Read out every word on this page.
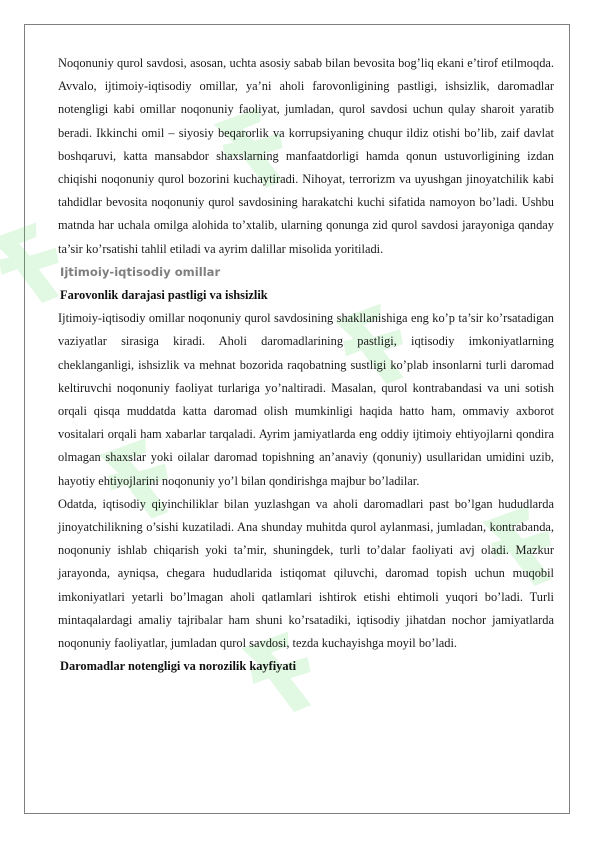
Noqonuniy qurol savdosi, asosan, uchta asosiy sabab bilan bevosita bog’liq ekani e’tirof etilmoqda. Avvalo, ijtimoiy-iqtisodiy omillar, ya’ni aholi farovonligining pastligi, ishsizlik, daromadlar notengligi kabi omillar noqonuniy faoliyat, jumladan, qurol savdosi uchun qulay sharoit yaratib beradi. Ikkinchi omil – siyosiy beqarorlik va korrupsiyaning chuqur ildiz otishi bo’lib, zaif davlat boshqaruvi, katta mansabdor shaxslarning manfaatdorligi hamda qonun ustuvorligining izdan chiqishi noqonuniy qurol bozorini kuchaytiradi. Nihoyat, terrorizm va uyushgan jinoyatchilik kabi tahdidlar bevosita noqonuniy qurol savdosining harakatchi kuchi sifatida namoyon bo’ladi. Ushbu matnda har uchala omilga alohida to’xtalib, ularning qonunga zid qurol savdosi jarayoniga qanday ta’sir ko’rsatishi tahlil etiladi va ayrim dalillar misolida yoritiladi.

Ijtimoiy-iqtisodiy omillar
Farovonlik darajasi pastligi va ishsizlik

Ijtimoiy-iqtisodiy omillar noqonuniy qurol savdosining shakllanishiga eng ko’p ta’sir ko’rsatadigan vaziyatlar sirasiga kiradi. Aholi daromadlarining pastligi, iqtisodiy imkoniyatlarning cheklanganligi, ishsizlik va mehnat bozorida raqobatning sustligi ko’plab insonlarni turli daromad keltiruvchi noqonuniy faoliyat turlariga yo’naltiradi. Masalan, qurol kontrabandasi va uni sotish orqali qisqa muddatda katta daromad olish mumkinligi haqida hatto ham, ommaviy axborot vositalari orqali ham xabarlar tarqaladi. Ayrim jamiyatlarda eng oddiy ijtimoiy ehtiyojlarni qondira olmagan shaxslar yoki oilalar daromad topishning an’anaviy (qonuniy) usullaridan umidini uzib, hayotiy ehtiyojlarini noqonuniy yo’l bilan qondirishga majbur bo’ladilar.

Odatda, iqtisodiy qiyinchiliklar bilan yuzlashgan va aholi daromadlari past bo’lgan hududlarda jinoyatchilikning o’sishi kuzatiladi. Ana shunday muhitda qurol aylanmasi, jumladan, kontrabanda, noqonuniy ishlab chiqarish yoki ta’mir, shuningdek, turli to’dalar faoliyati avj oladi. Mazkur jarayonda, ayniqsa, chegara hududlarida istiqomat qiluvchi, daromad topish uchun muqobil imkoniyatlari yetarli bo’lmagan aholi qatlamlari ishtirok etishi ehtimoli yuqori bo’ladi. Turli mintaqalardagi amaliy tajribalar ham shuni ko’rsatadiki, iqtisodiy jihatdan nochor jamiyatlarda noqonuniy faoliyatlar, jumladan qurol savdosi, tezda kuchayishga moyil bo’ladi.

Daromadlar notengligi va norozilik kayfiyati
